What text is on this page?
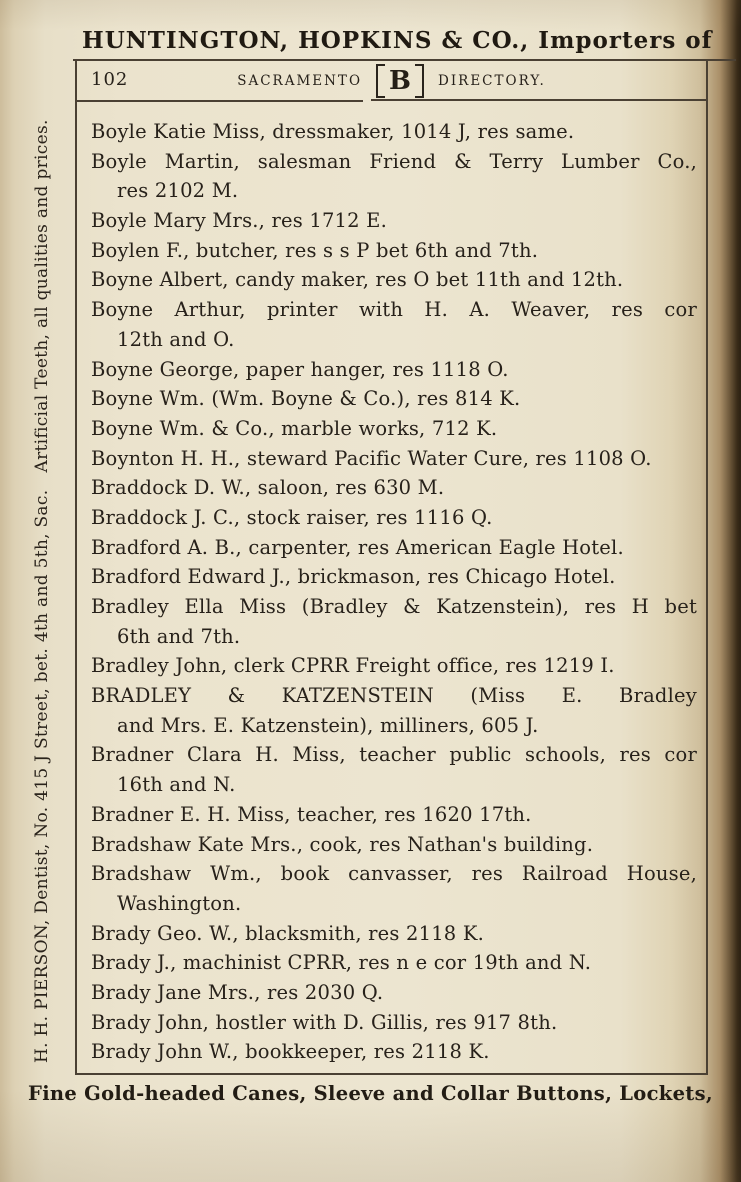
HUNTINGTON, HOPKINS & CO., Importers of
102	SACRAMENTO B DIRECTORY.
Boyle Katie Miss, dressmaker, 1014 J, res same.
Boyle Martin, salesman Friend & Terry Lumber Co.,
res 2102 M.
Boyle Mary Mrs., res 1712 E.
Boylen F., butcher, res s s P bet 6th and 7th.
Boyne Albert, candy maker, res O bet 11th and 12th.
Boyne Arthur, printer with H. A. Weaver, res cor
12th and O.
Boyne George, paper hanger, res 1118 O.
Boyne Wm. (Wm. Boyne & Co.), res 814 K.
Boyne Wm. & Co., marble works, 712 K.
Boynton H. H., steward Pacific Water Cure, res 1108 O.
Braddock D. W., saloon, res 630 M.
Braddock J. C., stock raiser, res 1116 Q.
Bradford A. B., carpenter, res American Eagle Hotel.
Bradford Edward J., brickmason, res Chicago Hotel.
Bradley Ella Miss (Bradley & Katzenstein), res H bet
6th and 7th.
Bradley John, clerk CPRR Freight office, res 1219 I.
BRADLEY & KATZENSTEIN (Miss E. Bradley
and Mrs. E. Katzenstein), milliners, 605 J.
Bradner Clara H. Miss, teacher public schools, res cor
16th and N.
Bradner E. H. Miss, teacher, res 1620 17th.
Bradshaw Kate Mrs., cook, res Nathan's building.
Bradshaw Wm., book canvasser, res Railroad House,
Washington.
Brady Geo. W., blacksmith, res 2118 K.
Brady J., machinist CPRR, res n e cor 19th and N.
Brady Jane Mrs., res 2030 Q.
Brady John, hostler with D. Gillis, res 917 8th.
Brady John W., bookkeeper, res 2118 K.
H. H. PIERSON, Dentist, No. 415 J Street, bet. 4th and 5th, Sac.   Artificial Teeth, all qualities and prices.
Fine Gold-headed Canes, Sleeve and Collar Buttons, Lockets,
